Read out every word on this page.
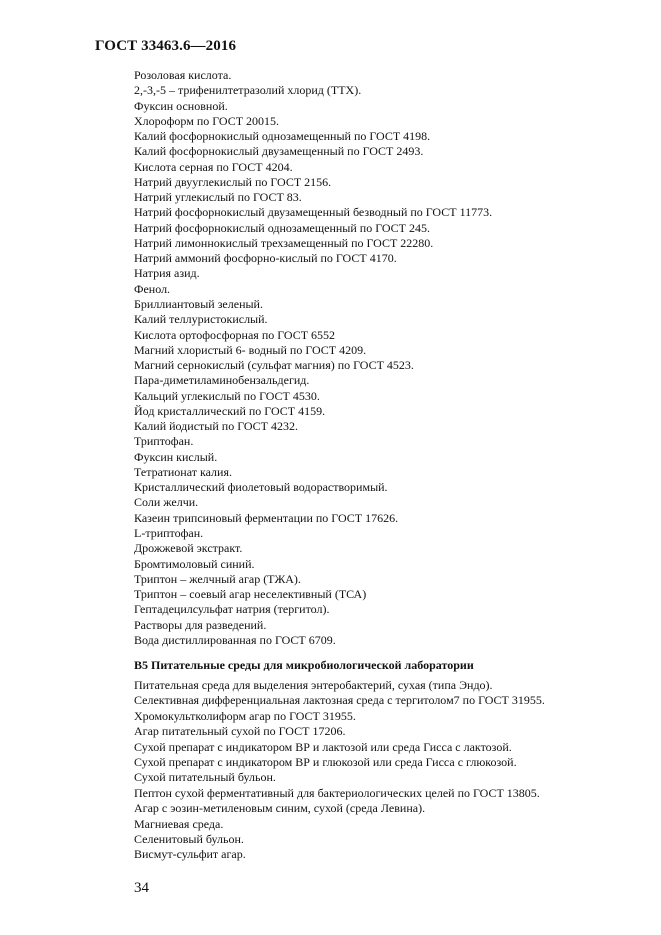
ГОСТ 33463.6—2016
Розоловая кислота.
2,-3,-5 – трифенилтетразолий хлорид (ТТХ).
Фуксин основной.
Хлороформ по ГОСТ 20015.
Калий фосфорнокислый однозамещенный по ГОСТ 4198.
Калий фосфорнокислый двузамещенный по ГОСТ 2493.
Кислота серная по ГОСТ 4204.
Натрий двууглекислый по ГОСТ 2156.
Натрий углекислый по ГОСТ 83.
Натрий фосфорнокислый двузамещенный безводный по ГОСТ 11773.
Натрий фосфорнокислый однозамещенный по ГОСТ 245.
Натрий лимоннокислый трехзамещенный по ГОСТ 22280.
Натрий аммоний фосфорно-кислый по ГОСТ 4170.
Натрия азид.
Фенол.
Бриллиантовый зеленый.
Калий теллуристокислый.
Кислота ортофосфорная по ГОСТ 6552
Магний хлористый 6- водный по ГОСТ 4209.
Магний сернокислый (сульфат магния) по ГОСТ 4523.
Пара-диметиламинобензальдегид.
Кальций углекислый по ГОСТ 4530.
Йод кристаллический по ГОСТ 4159.
Калий йодистый по ГОСТ 4232.
Триптофан.
Фуксин кислый.
Тетратионат калия.
Кристаллический фиолетовый водорастворимый.
Соли желчи.
Казеин трипсиновый ферментации по ГОСТ 17626.
L-триптофан.
Дрожжевой экстракт.
Бромтимоловый синий.
Триптон – желчный агар (ТЖА).
Триптон – соевый агар неселективный (ТСА)
Гептадецилсульфат натрия (тергитол).
Растворы для разведений.
Вода дистиллированная по ГОСТ 6709.
В5 Питательные среды для микробиологической лаборатории
Питательная среда для выделения энтеробактерий, сухая (типа Эндо).
Селективная дифференциальная лактозная среда с тергитолом7 по ГОСТ 31955.
Хромокультколиформ агар по ГОСТ 31955.
Агар питательный сухой по ГОСТ 17206.
Сухой препарат с индикатором ВР и лактозой или среда Гисса с лактозой.
Сухой препарат с индикатором ВР и глюкозой или среда Гисса с глюкозой.
Сухой питательный бульон.
Пептон сухой ферментативный для бактериологических целей по ГОСТ 13805.
Агар с эозин-метиленовым синим, сухой (среда Левина).
Магниевая среда.
Селенитовый бульон.
Висмут-сульфит агар.
34
